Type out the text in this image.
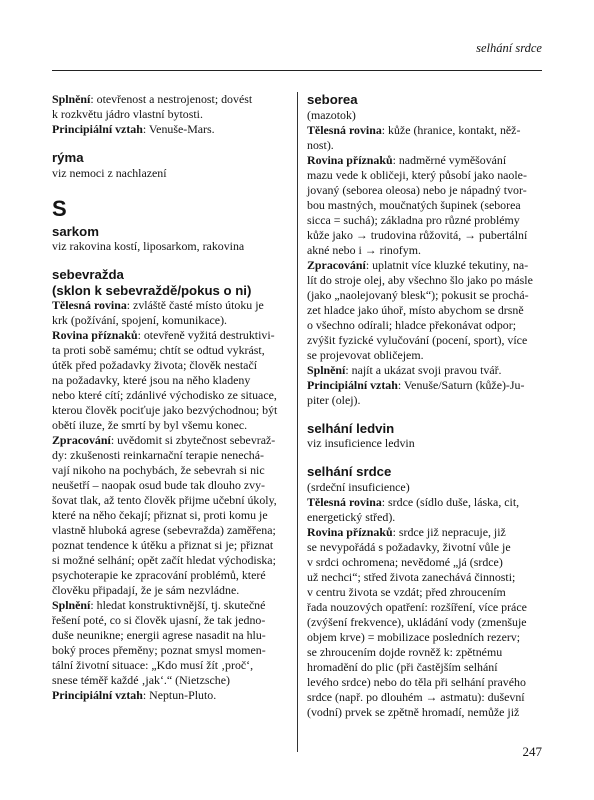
selhání srdce
Splnění: otevřenost a nestrojenost; dovést
k rozkvětu jádro vlastní bytosti.
Principiální vztah: Venuše-Mars.
rýma
viz nemoci z nachlazení
S
sarkom
viz rakovina kostí, liposarkom, rakovina
sebevražda
(sklon k sebevraždě/pokus o ni)
Tělesná rovina: zvláště časté místo útoku je
krk (požívání, spojení, komunikace).
Rovina příznaků: otevřeně vyžitá destruktivi-
ta proti sobě samému; chtít se odtud vykrást,
útěk před požadavky života; člověk nestačí
na požadavky, které jsou na něho kladeny
nebo které cítí; zdánlivé východisko ze situace,
kterou člověk pociťuje jako bezvýchodnou; být
obětí iluze, že smrtí by byl všemu konec.
Zpracování: uvědomit si zbytečnost sebevraž-
dy: zkušenosti reinkarnační terapie nenechá-
vají nikoho na pochybách, že sebevrah si nic
neušetří – naopak osud bude tak dlouho zvy-
šovat tlak, až tento člověk přijme učební úkoly,
které na něho čekají; přiznat si, proti komu je
vlastně hluboká agrese (sebevražda) zaměřena;
poznat tendence k útěku a přiznat si je; přiznat
si možné selhání; opět začít hledat východiska;
psychoterapie ke zpracování problémů, které
člověku připadají, že je sám nezvládne.
Splnění: hledat konstruktivnější, tj. skutečné
řešení poté, co si člověk ujasní, že tak jedno-
duše neunikne; energii agrese nasadit na hlu-
boký proces přeměny; poznat smysl momen-
tální životní situace: „Kdo musí žít ‚proč‘,
snese téměř každé ‚jak‘.“ (Nietzsche)
Principiální vztah: Neptun-Pluto.
seborea
(mazotok)
Tělesná rovina: kůže (hranice, kontakt, něž-
nost).
Rovina příznaků: nadměrné vyměšování
mazu vede k obličeji, který působí jako naole-
jovaný (seborea oleosa) nebo je nápadný tvor-
bou mastných, moučnatých šupinek (seborea
sicca = suchá); základna pro různé problémy
kůže jako → trudovina růžovitá, → pubertální
akné nebo i → rinofym.
Zpracování: uplatnit více kluzké tekutiny, na-
lít do stroje olej, aby všechno šlo jako po másle
(jako „naolejovaný blesk“); pokusit se prochá-
zet hladce jako úhoř, místo abychom se drsně
o všechno odírali; hladce překonávat odpor;
zvýšit fyzické vylučování (pocení, sport), více
se projevovat obličejem.
Splnění: najít a ukázat svoji pravou tvář.
Principiální vztah: Venuše/Saturn (kůže)-Ju-
piter (olej).
selhání ledvin
viz insuficience ledvin
selhání srdce
(srdeční insuficience)
Tělesná rovina: srdce (sídlo duše, láska, cit,
energetický střed).
Rovina příznaků: srdce již nepracuje, již
se nevypořádá s požadavky, životní vůle je
v srdci ochromena; nevědomé „já (srdce)
už nechci“; střed života zanechává činnosti;
v centru života se vzdát; před zhroucením
řada nouzových opatření: rozšíření, více práce
(zvýšení frekvence), ukládání vody (zmenšuje
objem krve) = mobilizace posledních rezerv;
se zhroucením dojde rovněž k: zpětnému
hromadění do plic (při častějším selhání
levého srdce) nebo do těla při selhání pravého
srdce (např. po dlouhém → astmatu): duševní
(vodní) prvek se zpětně hromadí, nemůže již
247
